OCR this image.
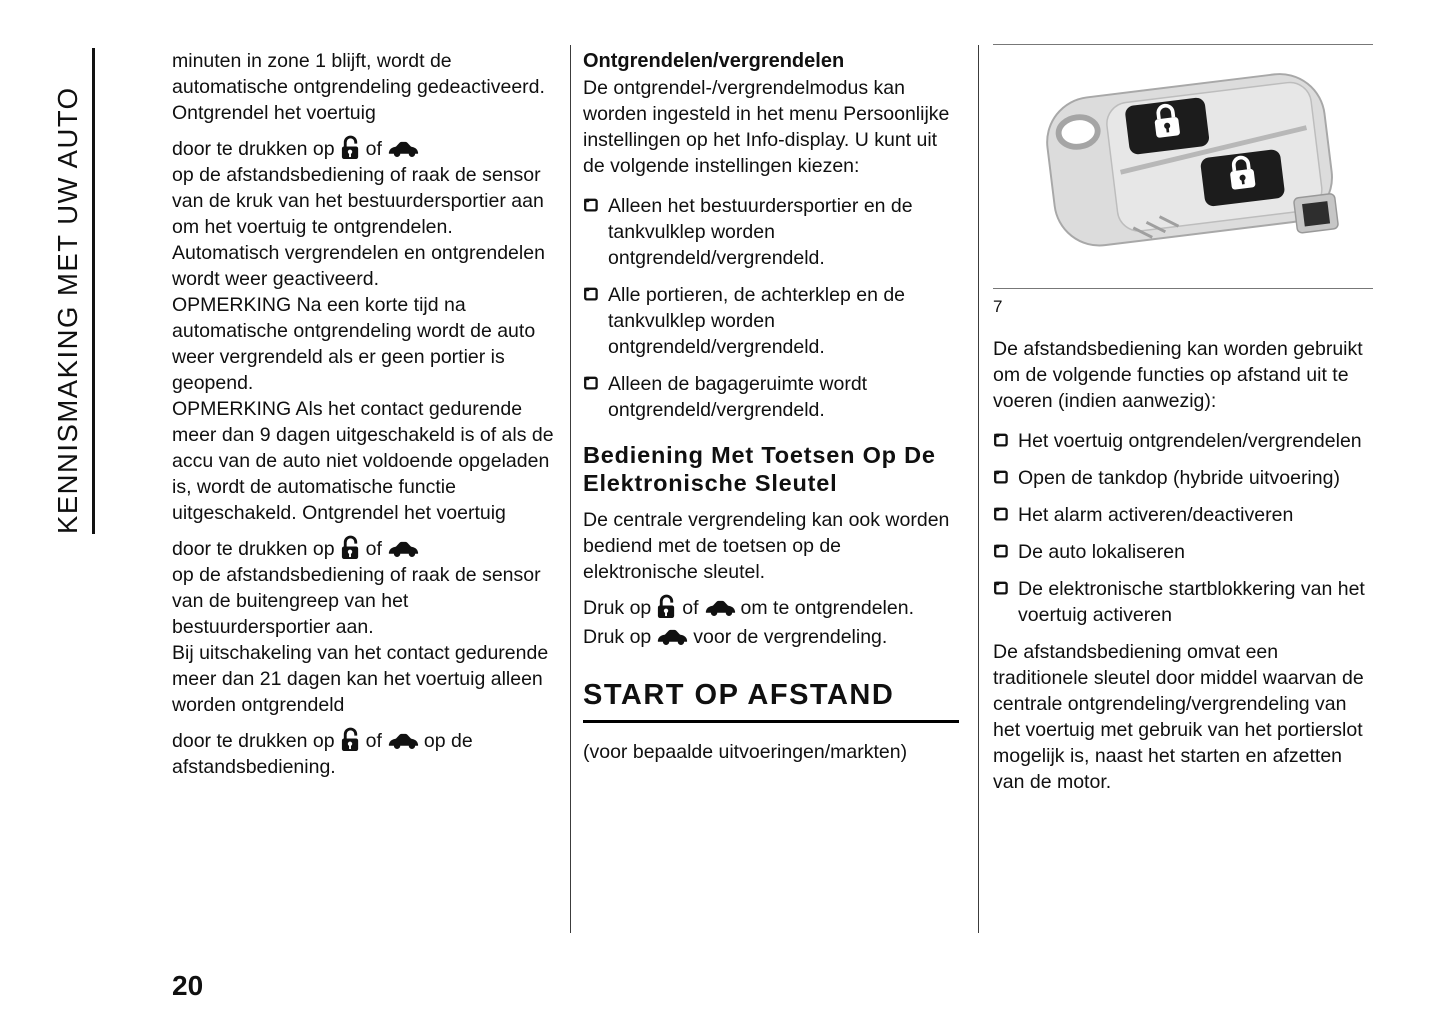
KENNISMAKING MET UW AUTO

minuten in zone 1 blijft, wordt de automatische ontgrendeling gedeactiveerd. Ontgrendel het voertuig

door te drukken op of

op de afstandsbediening of raak de sensor van de kruk van het bestuurdersportier aan om het voertuig te ontgrendelen. Automatisch vergrendelen en ontgrendelen wordt weer geactiveerd.

OPMERKING Na een korte tijd na automatische ontgrendeling wordt de auto weer vergrendeld als er geen portier is geopend.

OPMERKING Als het contact gedurende meer dan 9 dagen uitgeschakeld is of als de accu van de auto niet voldoende opgeladen is, wordt de automatische functie uitgeschakeld. Ontgrendel het voertuig

door te drukken op of

op de afstandsbediening of raak de sensor van de buitengreep van het bestuurdersportier aan.

Bij uitschakeling van het contact gedurende meer dan 21 dagen kan het voertuig alleen worden ontgrendeld

door te drukken op of op de afstandsbediening.

Ontgrendelen/vergrendelen

De ontgrendel-/vergrendelmodus kan worden ingesteld in het menu Persoonlijke instellingen op het Info-display. U kunt uit de volgende instellingen kiezen:

Alleen het bestuurdersportier en de tankvulklep worden ontgrendeld/vergrendeld.
Alle portieren, de achterklep en de tankvulklep worden ontgrendeld/vergrendeld.
Alleen de bagageruimte wordt ontgrendeld/vergrendeld.

Bediening Met Toetsen Op De Elektronische Sleutel

De centrale vergrendeling kan ook worden bediend met de toetsen op de elektronische sleutel.

Druk op of om te ontgrendelen.

Druk op voor de vergrendeling.

START OP AFSTAND

(voor bepaalde uitvoeringen/markten)

7

De afstandsbediening kan worden gebruikt om de volgende functies op afstand uit te voeren (indien aanwezig):

Het voertuig ontgrendelen/vergrendelen
Open de tankdop (hybride uitvoering)
Het alarm activeren/deactiveren
De auto lokaliseren
De elektronische startblokkering van het voertuig activeren

De afstandsbediening omvat een traditionele sleutel door middel waarvan de centrale ontgrendeling/vergrendeling van het voertuig met gebruik van het portierslot mogelijk is, naast het starten en afzetten van de motor.

20
